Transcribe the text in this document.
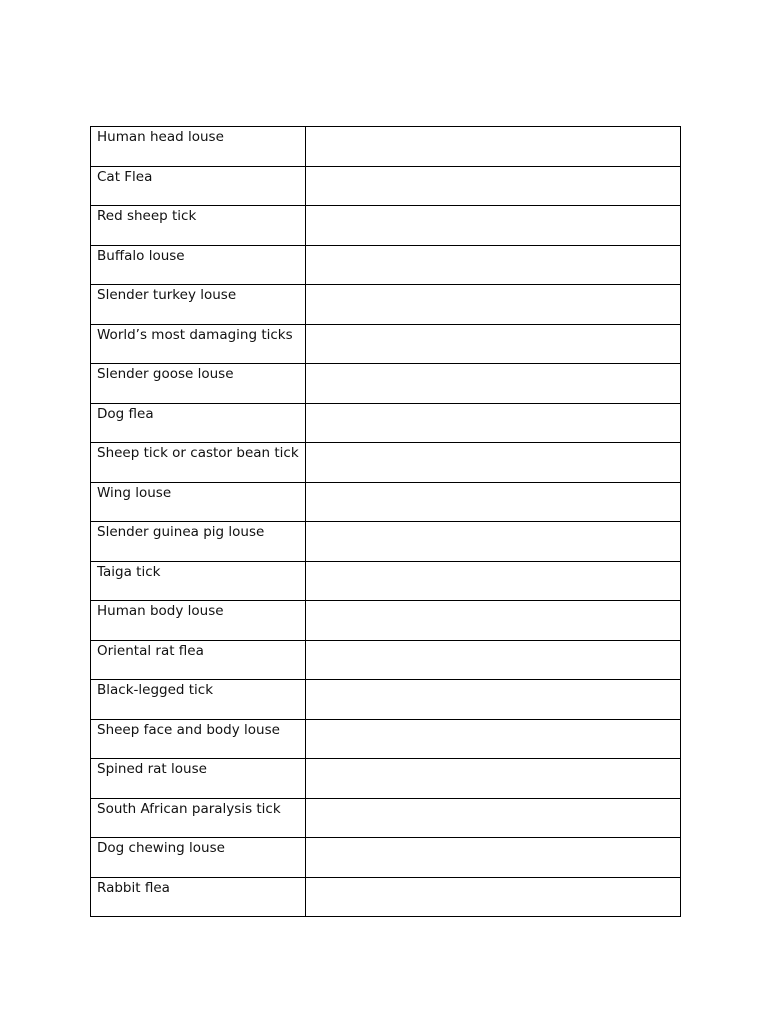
Human head louse	

Cat Flea	

Red sheep tick	

Buffalo louse	

Slender turkey louse	

World’s most damaging ticks	

Slender goose louse	

Dog flea	

Sheep tick or castor bean tick	

Wing louse	

Slender guinea pig louse	

Taiga tick	

Human body louse	

Oriental rat flea	

Black-legged tick	

Sheep face and body louse	

Spined rat louse	

South African paralysis tick	

Dog chewing louse	

Rabbit flea	
